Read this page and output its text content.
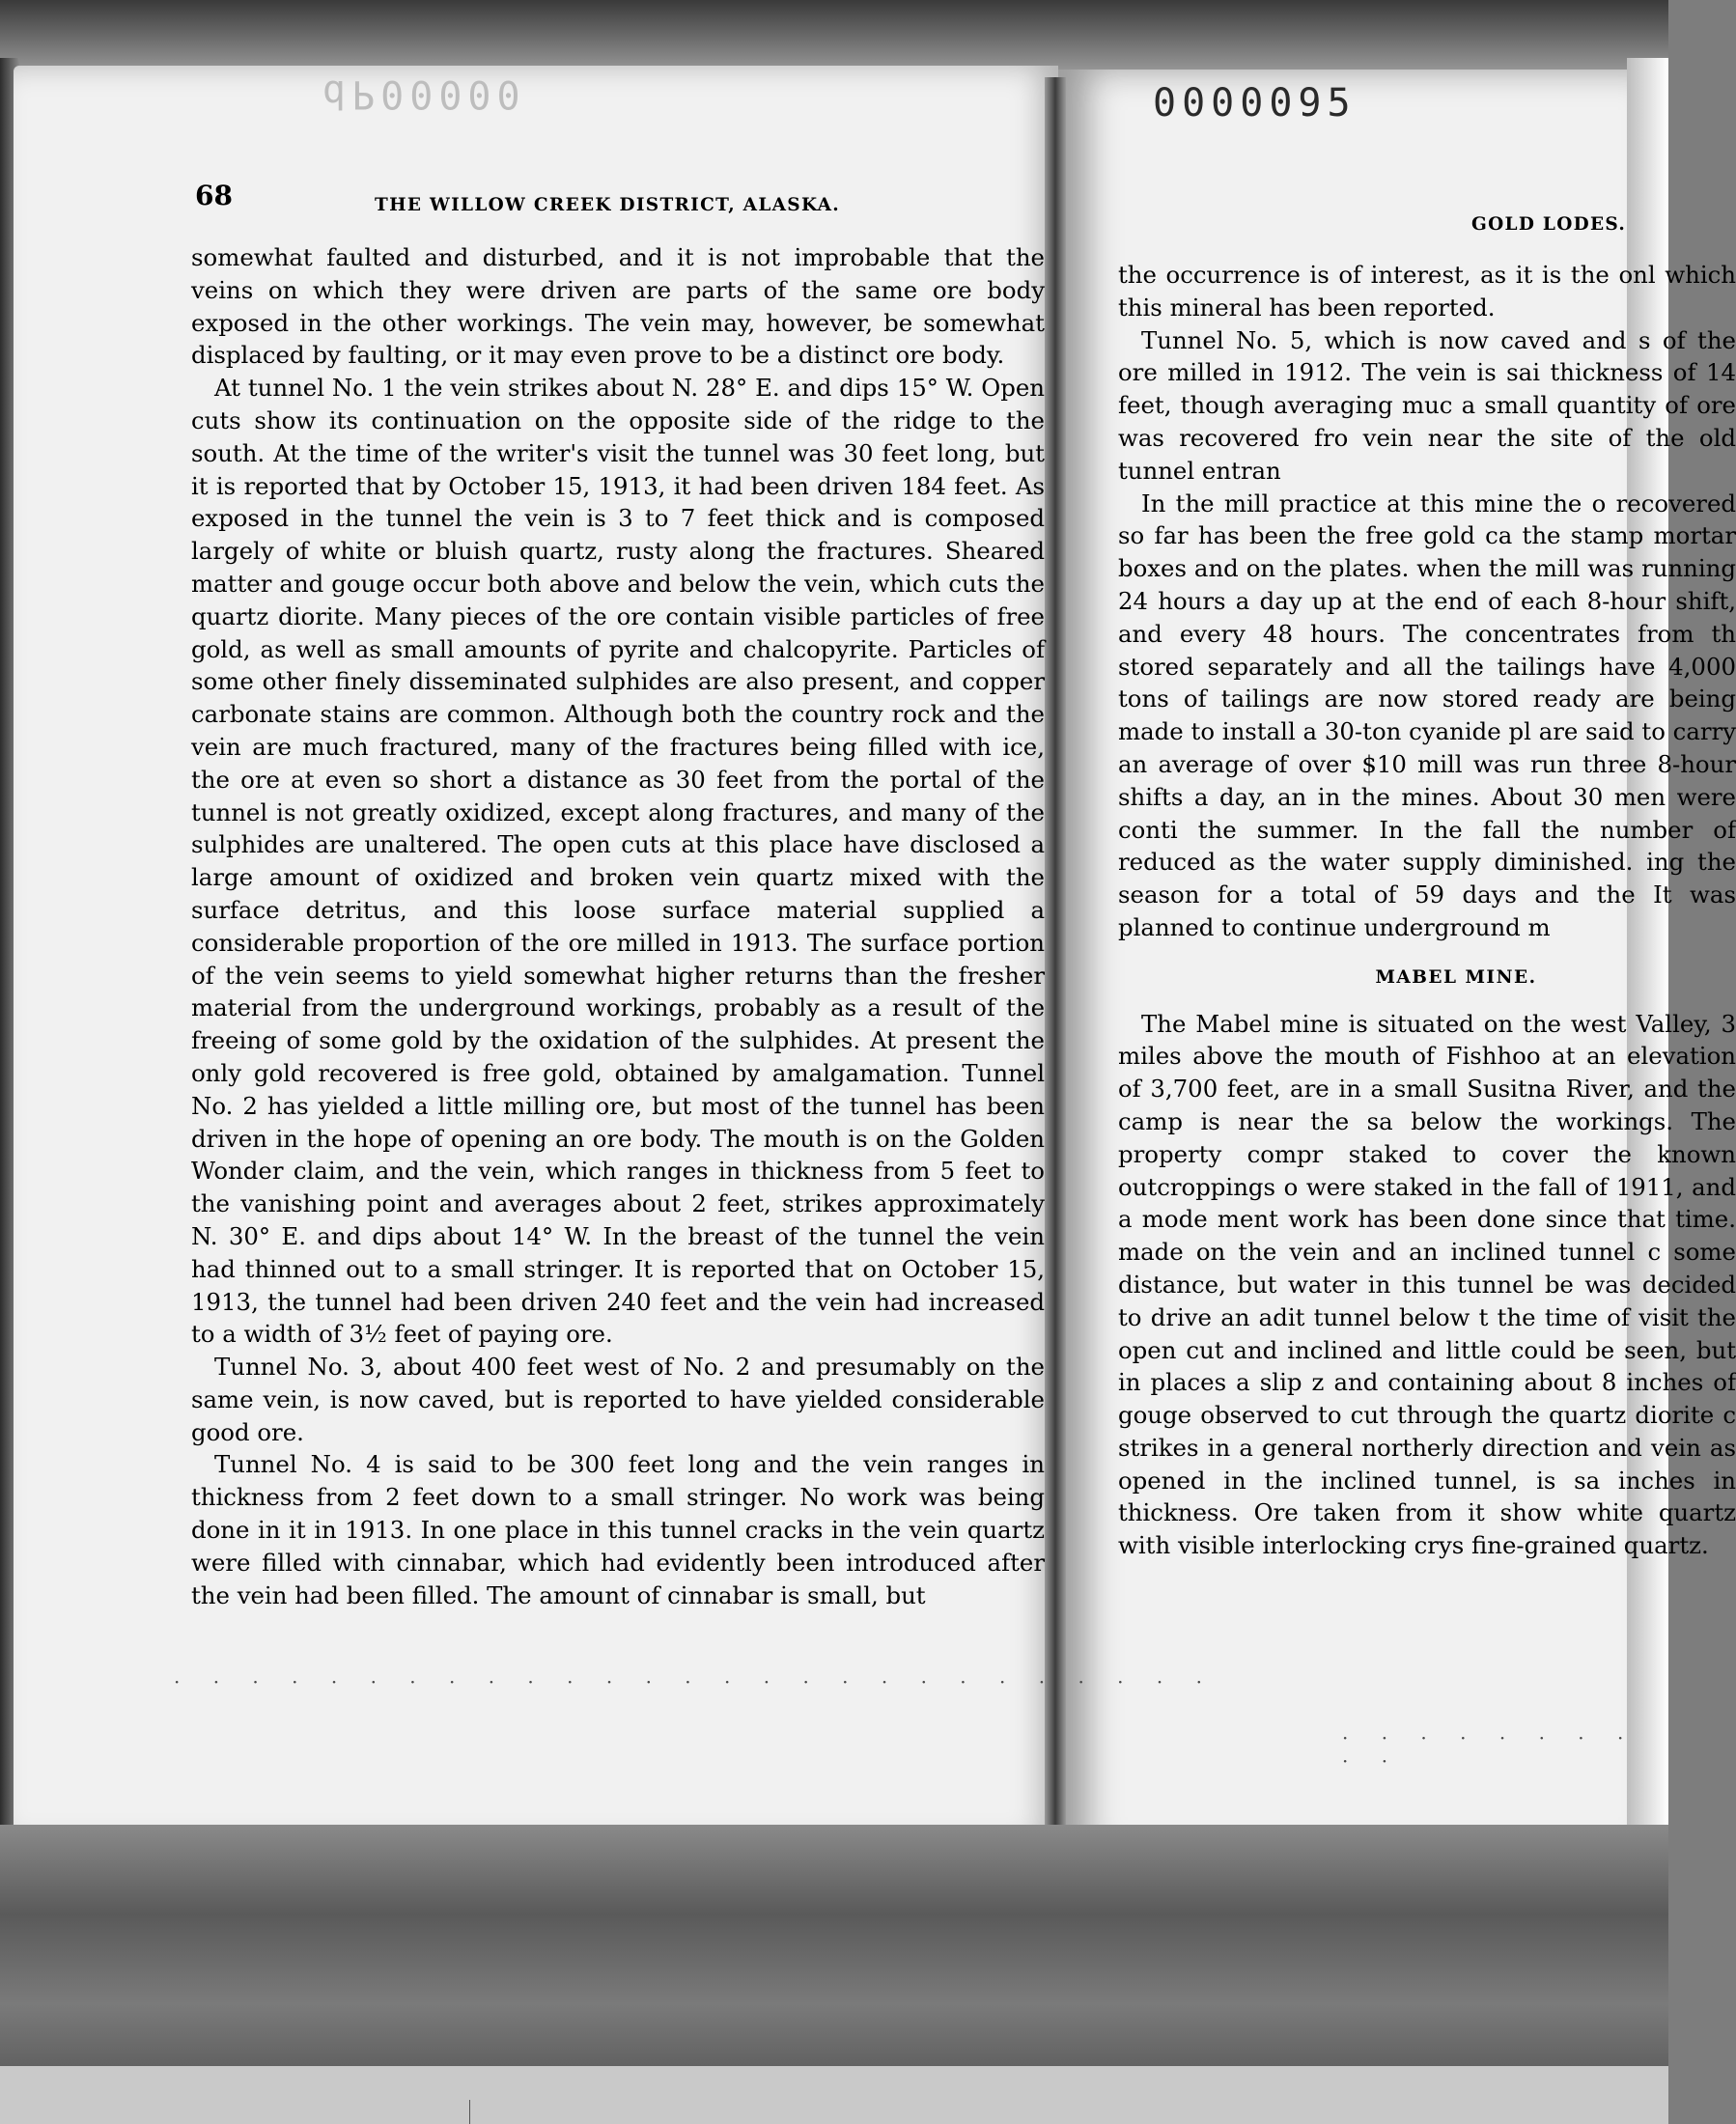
dP00000	0000095
68	THE WILLOW CREEK DISTRICT, ALASKA.
GOLD LODES.

somewhat faulted and disturbed, and it is not improbable that the veins on which they were driven are parts of the same ore body exposed in the other workings. The vein may, however, be somewhat displaced by faulting, or it may even prove to be a distinct ore body.

At tunnel No. 1 the vein strikes about N. 28° E. and dips 15° W. Open cuts show its continuation on the opposite side of the ridge to the south. At the time of the writer's visit the tunnel was 30 feet long, but it is reported that by October 15, 1913, it had been driven 184 feet. As exposed in the tunnel the vein is 3 to 7 feet thick and is composed largely of white or bluish quartz, rusty along the fractures. Sheared matter and gouge occur both above and below the vein, which cuts the quartz diorite. Many pieces of the ore contain visible particles of free gold, as well as small amounts of pyrite and chalcopyrite. Particles of some other finely disseminated sulphides are also present, and copper carbonate stains are common. Although both the country rock and the vein are much fractured, many of the fractures being filled with ice, the ore at even so short a distance as 30 feet from the portal of the tunnel is not greatly oxidized, except along fractures, and many of the sulphides are unaltered. The open cuts at this place have disclosed a large amount of oxidized and broken vein quartz mixed with the surface detritus, and this loose surface material supplied a considerable proportion of the ore milled in 1913. The surface portion of the vein seems to yield somewhat higher returns than the fresher material from the underground workings, probably as a result of the freeing of some gold by the oxidation of the sulphides. At present the only gold recovered is free gold, obtained by amalgamation. Tunnel No. 2 has yielded a little milling ore, but most of the tunnel has been driven in the hope of opening an ore body. The mouth is on the Golden Wonder claim, and the vein, which ranges in thickness from 5 feet to the vanishing point and averages about 2 feet, strikes approximately N. 30° E. and dips about 14° W. In the breast of the tunnel the vein had thinned out to a small stringer. It is reported that on October 15, 1913, the tunnel had been driven 240 feet and the vein had increased to a width of 3½ feet of paying ore.

Tunnel No. 3, about 400 feet west of No. 2 and presumably on the same vein, is now caved, but is reported to have yielded considerable good ore.

Tunnel No. 4 is said to be 300 feet long and the vein ranges in thickness from 2 feet down to a small stringer. No work was being done in it in 1913. In one place in this tunnel cracks in the vein quartz were filled with cinnabar, which had evidently been introduced after the vein had been filled. The amount of cinnabar is small, but

the occurrence is of interest, as it is the onl which this mineral has been reported.

Tunnel No. 5, which is now caved and s of the ore milled in 1912. The vein is sai thickness of 14 feet, though averaging muc a small quantity of ore was recovered fro vein near the site of the old tunnel entran

In the mill practice at this mine the o recovered so far has been the free gold ca the stamp mortar boxes and on the plates. when the mill was running 24 hours a day up at the end of each 8-hour shift, and every 48 hours. The concentrates from th stored separately and all the tailings have 4,000 tons of tailings are now stored ready are being made to install a 30-ton cyanide pl are said to carry an average of over $10 mill was run three 8-hour shifts a day, an in the mines. About 30 men were conti the summer. In the fall the number of reduced as the water supply diminished. ing the season for a total of 59 days and the It was planned to continue underground m

MABEL MINE.

The Mabel mine is situated on the west Valley, 3 miles above the mouth of Fishhoo at an elevation of 3,700 feet, are in a small Susitna River, and the camp is near the sa below the workings. The property compr staked to cover the known outcroppings o were staked in the fall of 1911, and a mode ment work has been done since that time. made on the vein and an inclined tunnel c some distance, but water in this tunnel be was decided to drive an adit tunnel below t the time of visit the open cut and inclined and little could be seen, but in places a slip z and containing about 8 inches of gouge observed to cut through the quartz diorite c strikes in a general northerly direction and vein as opened in the inclined tunnel, is sa inches in thickness. Ore taken from it show white quartz with visible interlocking crys fine-grained quartz.

· · · · · · · · · · · · · · · · · · · · · · · · · · ·
· · · · · · · · · ·
